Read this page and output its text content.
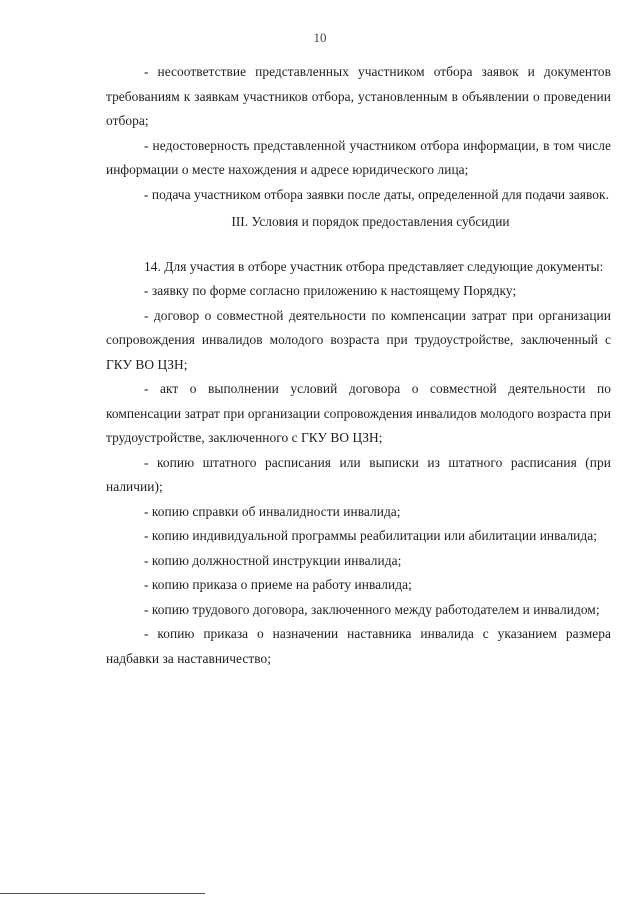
10

- несоответствие представленных участником отбора заявок и документов требованиям к заявкам участников отбора, установленным в объявлении о проведении отбора;

- недостоверность представленной участником отбора информации, в том числе информации о месте нахождения и адресе юридического лица;

- подача участником отбора заявки после даты, определенной для подачи заявок.

III. Условия и порядок предоставления субсидии

14. Для участия в отборе участник отбора представляет следующие документы:

- заявку по форме согласно приложению к настоящему Порядку;

- договор о совместной деятельности по компенсации затрат при организации сопровождения инвалидов молодого возраста при трудоустройстве, заключенный с ГКУ ВО ЦЗН;

- акт о выполнении условий договора о совместной деятельности по компенсации затрат при организации сопровождения инвалидов молодого возраста при трудоустройстве, заключенного с ГКУ ВО ЦЗН;

- копию штатного расписания или выписки из штатного расписания (при наличии);

- копию справки об инвалидности инвалида;

- копию индивидуальной программы реабилитации или абилитации инвалида;

- копию должностной инструкции инвалида;

- копию приказа о приеме на работу инвалида;

- копию трудового договора, заключенного между работодателем и инвалидом;

- копию приказа о назначении наставника инвалида с указанием размера надбавки за наставничество;
